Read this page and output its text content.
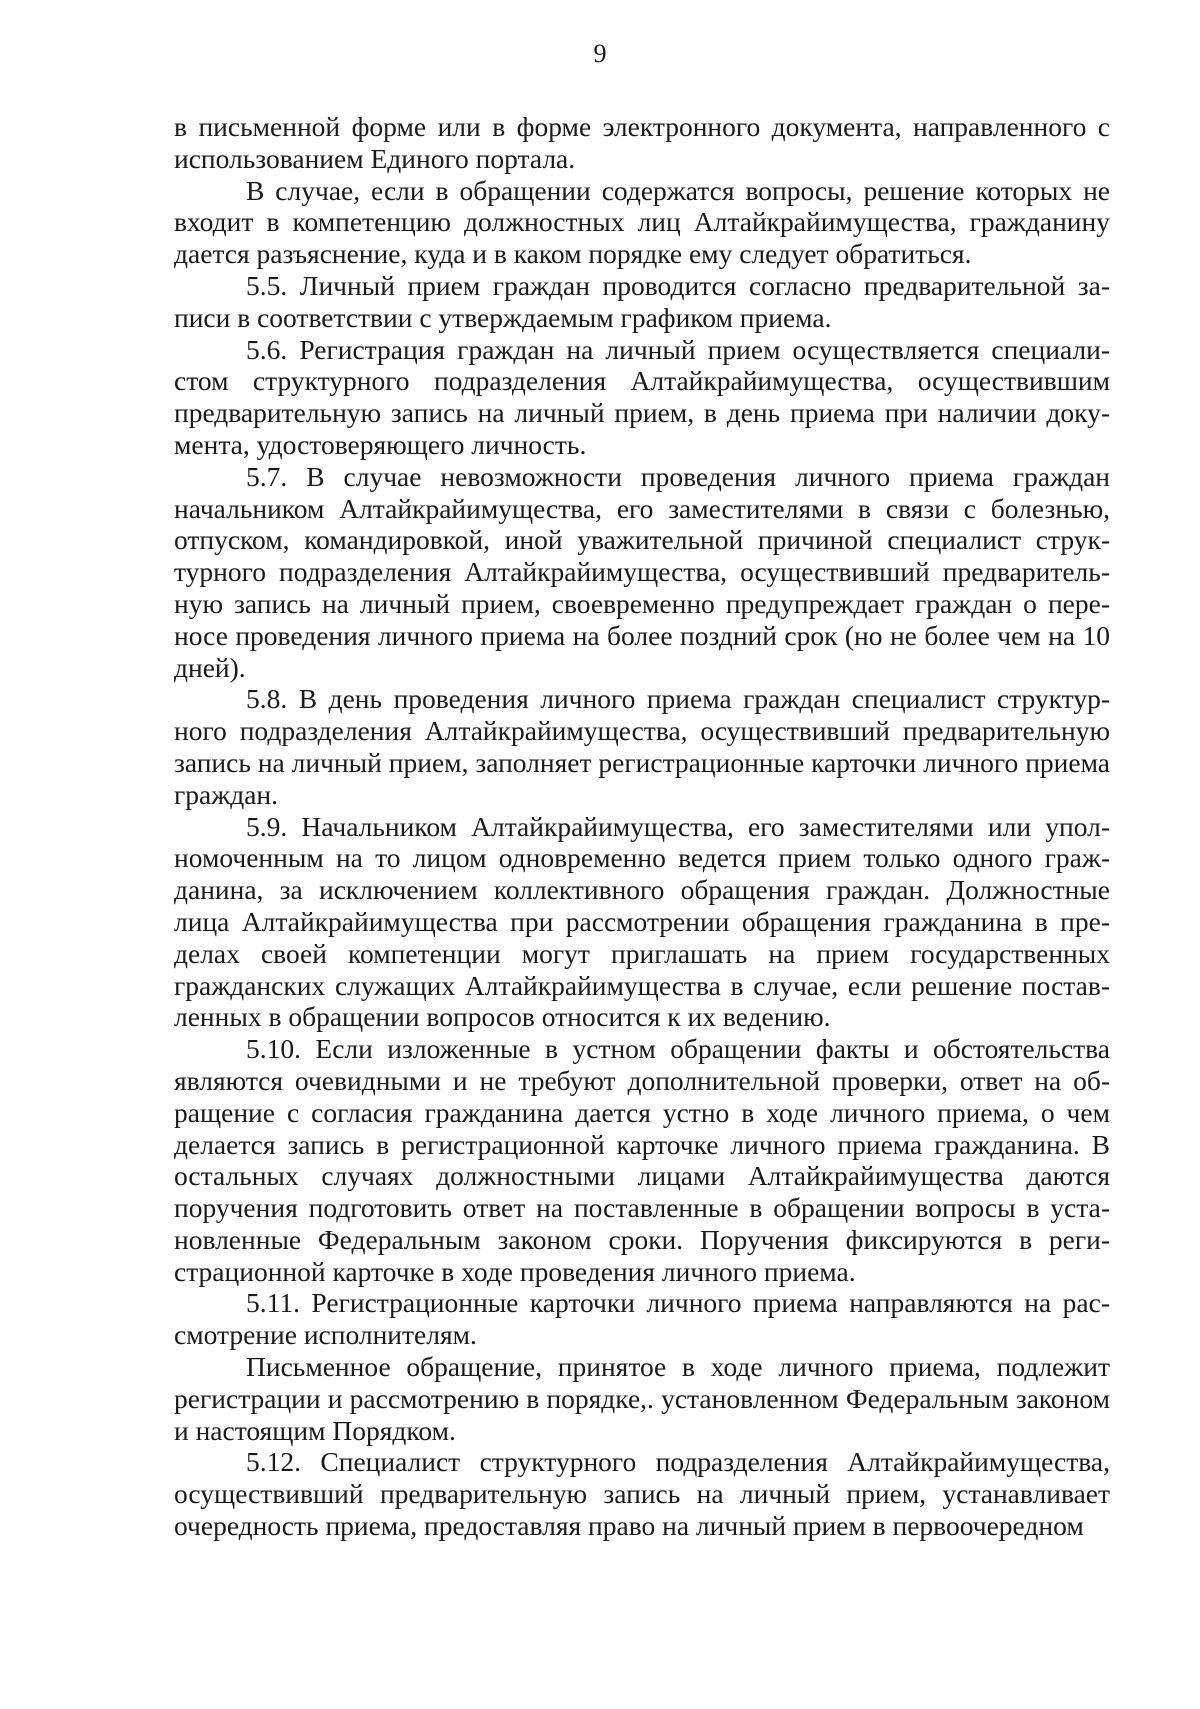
9

в письменной форме или в форме электронного документа, направленного с использованием Единого портала.

В случае, если в обращении содержатся вопросы, решение которых не входит в компетенцию должностных лиц Алтайкрайимущества, гражданину дается разъяснение, куда и в каком порядке ему следует обратиться.

5.5. Личный прием граждан проводится согласно предварительной записи в соответствии с утверждаемым графиком приема.

5.6. Регистрация граждан на личный прием осуществляется специалистом структурного подразделения Алтайкрайимущества, осуществившим предварительную запись на личный прием, в день приема при наличии документа, удостоверяющего личность.

5.7. В случае невозможности проведения личного приема граждан начальником Алтайкрайимущества, его заместителями в связи с болезнью, отпуском, командировкой, иной уважительной причиной специалист структурного подразделения Алтайкрайимущества, осуществивший предварительную запись на личный прием, своевременно предупреждает граждан о переносе проведения личного приема на более поздний срок (но не более чем на 10 дней).

5.8. В день проведения личного приема граждан специалист структурного подразделения Алтайкрайимущества, осуществивший предварительную запись на личный прием, заполняет регистрационные карточки личного приема граждан.

5.9. Начальником Алтайкрайимущества, его заместителями или уполномоченным на то лицом одновременно ведется прием только одного гражданина, за исключением коллективного обращения граждан. Должностные лица Алтайкрайимущества при рассмотрении обращения гражданина в пределах своей компетенции могут приглашать на прием государственных гражданских служащих Алтайкрайимущества в случае, если решение поставленных в обращении вопросов относится к их ведению.

5.10. Если изложенные в устном обращении факты и обстоятельства являются очевидными и не требуют дополнительной проверки, ответ на обращение с согласия гражданина дается устно в ходе личного приема, о чем делается запись в регистрационной карточке личного приема гражданина. В остальных случаях должностными лицами Алтайкрайимущества даются поручения подготовить ответ на поставленные в обращении вопросы в установленные Федеральным законом сроки. Поручения фиксируются в регистрационной карточке в ходе проведения личного приема.

5.11. Регистрационные карточки личного приема направляются на рассмотрение исполнителям.

Письменное обращение, принятое в ходе личного приема, подлежит регистрации и рассмотрению в порядке,. установленном Федеральным законом и настоящим Порядком.

5.12. Специалист структурного подразделения Алтайкрайимущества, осуществивший предварительную запись на личный прием, устанавливает очередность приема, предоставляя право на личный прием в первоочередном
